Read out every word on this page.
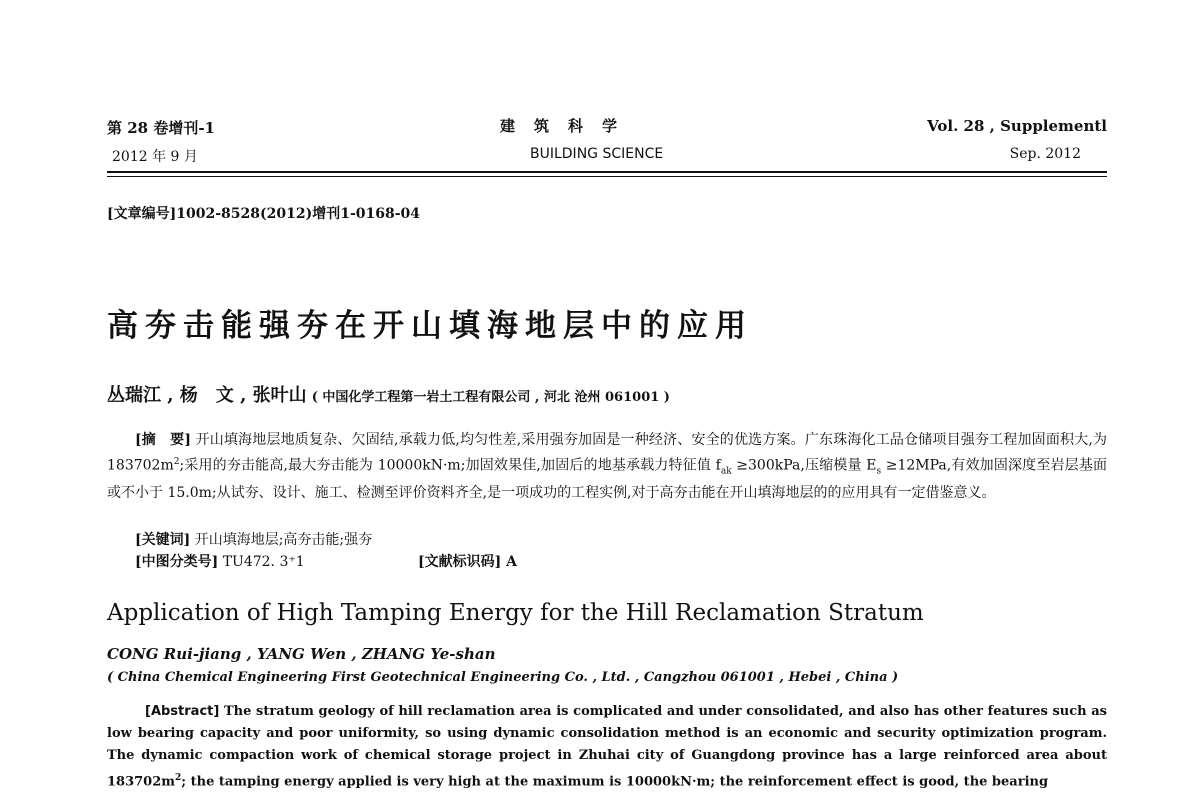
第 28 卷增刊-1	建　筑　科　学	Vol. 28 , Supplementl
2012 年 9 月	BUILDING SCIENCE	Sep. 2012
[文章编号]1002-8528(2012)增刊1-0168-04
高夯击能强夯在开山填海地层中的应用
丛瑞江 , 杨　文 , 张叶山 ( 中国化学工程第一岩土工程有限公司 , 河北 沧州 061001 )
[摘　要] 开山填海地层地质复杂、欠固结,承载力低,均匀性差,采用强夯加固是一种经济、安全的优选方案。广东珠海化工品仓储项目强夯工程加固面积大,为 $183702m^2$;采用的夯击能高,最大夯击能为 10000kN·m;加固效果佳,加固后的地基承载力特征值 $f_{ak} \ge 300kPa$,压缩模量 $E_s \ge 12MPa$,有效加固深度至岩层基面或不小于 15.0m;从试夯、设计、施工、检测至评价资料齐全,是一项成功的工程实例,对于高夯击能在开山填海地层的的应用具有一定借鉴意义。
[关键词] 开山填海地层;高夯击能;强夯
[中图分类号] TU472. 3⁺1	[文献标识码] A
Application of High Tamping Energy for the Hill Reclamation Stratum
CONG Rui-jiang , YANG Wen , ZHANG Ye-shan
( China Chemical Engineering First Geotechnical Engineering Co. , Ltd. , Cangzhou 061001 , Hebei , China )
[Abstract] The stratum geology of hill reclamation area is complicated and under consolidated, and also has other features such as low bearing capacity and poor uniformity, so using dynamic consolidation method is an economic and security optimization program. The dynamic compaction work of chemical storage project in Zhuhai city of Guangdong province has a large reinforced area about $183702m^2$; the tamping energy applied is very high at the maximum is 10000kN·m; the reinforcement effect is good, the bearing
